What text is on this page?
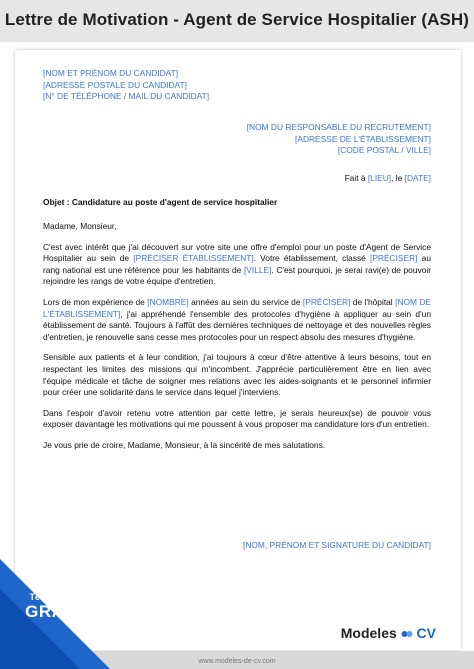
Lettre de Motivation - Agent de Service Hospitalier (ASH)
[NOM ET PRÉNOM DU CANDIDAT]
[ADRESSE POSTALE DU CANDIDAT]
[N° DE TÉLÉPHONE / MAIL DU CANDIDAT]
[NOM DU RESPONSABLE DU RECRUTEMENT]
[ADRESSE DE L'ÉTABLISSEMENT]
[CODE POSTAL / VILLE]
Fait à [LIEU], le [DATE]
Objet : Candidature au poste d'agent de service hospitalier

Madame, Monsieur,

C'est avec intérêt que j'ai découvert sur votre site une offre d'emploi pour un poste d'Agent de Service Hospitalier au sein de [PRÉCISER ÉTABLISSEMENT]. Votre établissement, classé [PRÉCISER] au rang national est une référence pour les habitants de [VILLE]. C'est pourquoi, je serai ravi(e) de pouvoir rejoindre les rangs de votre équipe d'entretien.

Lors de mon expérience de [NOMBRE] années au sein du service de [PRÉCISER] de l'hôpital [NOM DE L'ÉTABLISSEMENT], j'ai appréhendé l'ensemble des protocoles d'hygiène à appliquer au sein d'un établissement de santé. Toujours à l'affût des dernières techniques de nettoyage et des nouvelles règles d'entretien, je renouvelle sans cesse mes protocoles pour un respect absolu des mesures d'hygiène.

Sensible aux patients et à leur condition, j'ai toujours à cœur d'être attentive à leurs besoins, tout en respectant les limites des missions qui m'incombent. J'apprécie particulièrement être en lien avec l'équipe médicale et tâche de soigner mes relations avec les aides-soignants et le personnel infirmier pour créer une solidarité dans le service dans lequel j'interviens.

Dans l'espoir d'avoir retenu votre attention par cette lettre, je serais heureux(se) de pouvoir vous exposer davantage les motivations qui me poussent à vous proposer ma candidature lors d'un entretien.

Je vous prie de croire, Madame, Monsieur, à la sincérité de mes salutations.

[NOM, PRÉNOM ET SIGNATURE DU CANDIDAT]
www.modeles-de-cv.com
Téléchargement
GRATUIT
Modeles CV
